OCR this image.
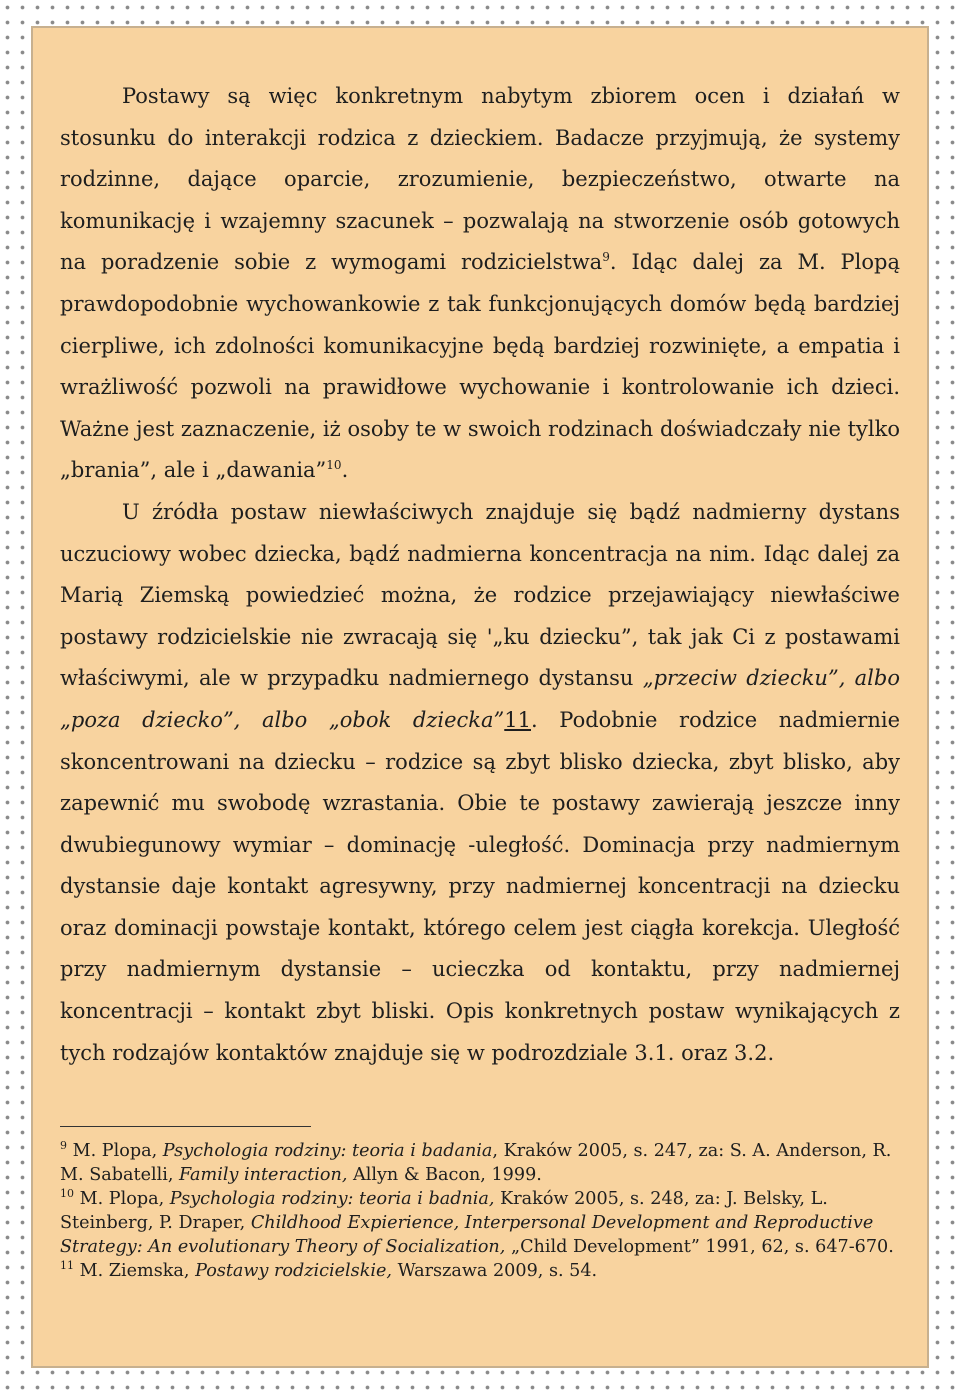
Postawy są więc konkretnym nabytym zbiorem ocen i działań w stosunku do interakcji rodzica z dzieckiem. Badacze przyjmują, że systemy rodzinne, dające oparcie, zrozumienie, bezpieczeństwo, otwarte na komunikację i wzajemny szacunek – pozwalają na stworzenie osób gotowych na poradzenie sobie z wymogami rodzicielstwa$^9$. Idąc dalej za M. Plopą prawdopodobnie wychowankowie z tak funkcjonujących domów będą bardziej cierpliwe, ich zdolności komunikacyjne będą bardziej rozwinięte, a empatia i wrażliwość pozwoli na prawidłowe wychowanie i kontrolowanie ich dzieci. Ważne jest zaznaczenie, iż osoby te w swoich rodzinach doświadczały nie tylko „brania”, ale i „dawania”$^{10}$.

U źródła postaw niewłaściwych znajduje się bądź nadmierny dystans uczuciowy wobec dziecka, bądź nadmierna koncentracja na nim. Idąc dalej za Marią Ziemską powiedzieć można, że rodzice przejawiający niewłaściwe postawy rodzicielskie nie zwracają się '„ku dziecku”, tak jak Ci z postawami właściwymi, ale w przypadku nadmiernego dystansu „przeciw dziecku”, albo „poza dziecko”, albo „obok dziecka”11. Podobnie rodzice nadmiernie skoncentrowani na dziecku – rodzice są zbyt blisko dziecka, zbyt blisko, aby zapewnić mu swobodę wzrastania. Obie te postawy zawierają jeszcze inny dwubiegunowy wymiar – dominację -uległość. Dominacja przy nadmiernym dystansie daje kontakt agresywny, przy nadmiernej koncentracji na dziecku oraz dominacji powstaje kontakt, którego celem jest ciągła korekcja. Uległość przy nadmiernym dystansie – ucieczka od kontaktu, przy nadmiernej koncentracji – kontakt zbyt bliski. Opis konkretnych postaw wynikających z tych rodzajów kontaktów znajduje się w podrozdziale 3.1. oraz 3.2.

$^9$ M. Plopa, Psychologia rodziny: teoria i badania, Kraków 2005, s. 247, za: S. A. Anderson, R. M. Sabatelli, Family interaction, Allyn & Bacon, 1999.

$^{10}$ M. Plopa, Psychologia rodziny: teoria i badnia, Kraków 2005, s. 248, za: J. Belsky, L. Steinberg, P. Draper, Childhood Expierience, Interpersonal Development and Reproductive Strategy: An evolutionary Theory of Socialization, „Child Development” 1991, 62, s. 647-670.

$^{11}$ M. Ziemska, Postawy rodzicielskie, Warszawa 2009, s. 54.
